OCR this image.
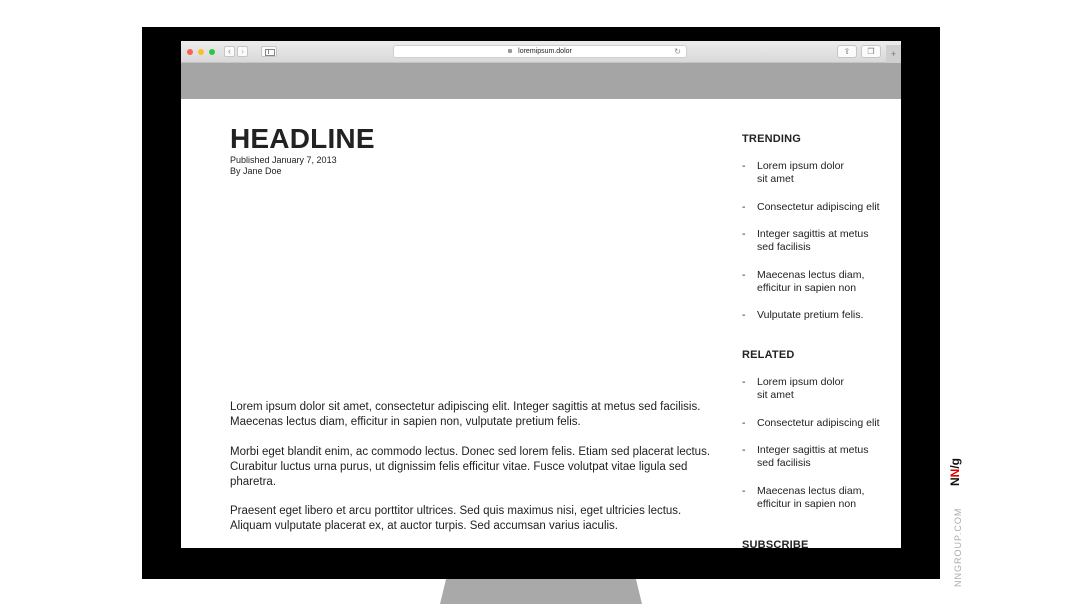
‹	›	loremipsum.dolor	↻	⇪	❐	+
HEADLINE
Published January 7, 2013
By Jane Doe

Lorem ipsum dolor sit amet, consectetur adipiscing elit. Integer sagittis at metus sed facilisis. Maecenas lectus diam, efficitur in sapien non, vulputate pretium felis.

Morbi eget blandit enim, ac commodo lectus. Donec sed lorem felis. Etiam sed placerat lectus. Curabitur luctus urna purus, ut dignissim felis efficitur vitae. Fusce volutpat vitae ligula sed pharetra.

Praesent eget libero et arcu porttitor ultrices. Sed quis maximus nisi, eget ultricies lectus. Aliquam vulputate placerat ex, at auctor turpis. Sed accumsan varius iaculis.

TRENDING
- Lorem ipsum dolor sit amet
- Consectetur adipiscing elit
- Integer sagittis at metus sed facilisis
- Maecenas lectus diam, efficitur in sapien non
- Vulputate pretium felis.
RELATED
- Lorem ipsum dolor sit amet
- Consectetur adipiscing elit
- Integer sagittis at metus sed facilisis
- Maecenas lectus diam, efficitur in sapien non
SUBSCRIBE
NN/g
NNGROUP.COM
